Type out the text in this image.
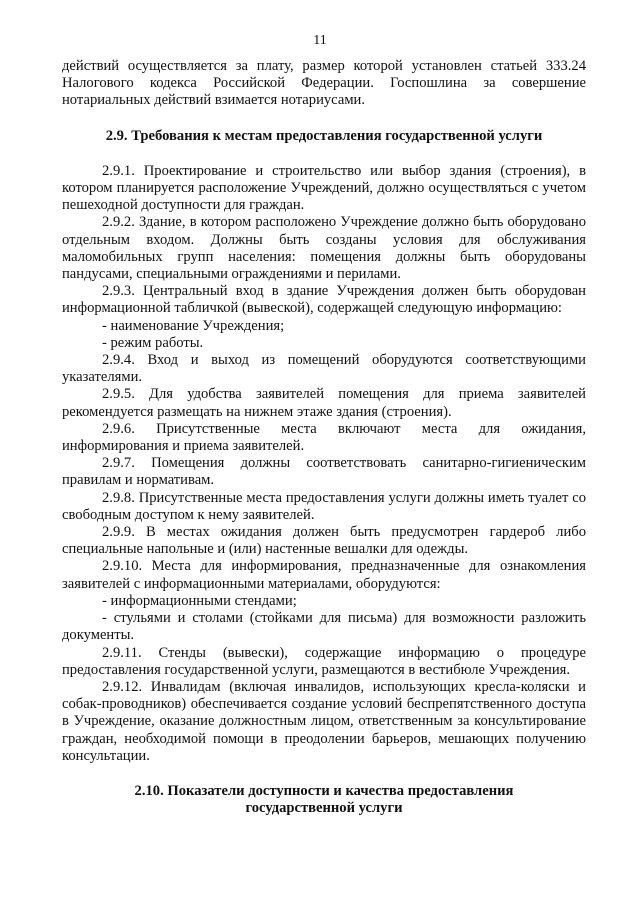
11

действий осуществляется за плату, размер которой установлен статьей 333.24 Налогового кодекса Российской Федерации. Госпошлина за совершение нотариальных действий взимается нотариусами.

2.9. Требования к местам предоставления государственной услуги

2.9.1. Проектирование и строительство или выбор здания (строения), в котором планируется расположение Учреждений, должно осуществляться с учетом пешеходной доступности для граждан.

2.9.2. Здание, в котором расположено Учреждение должно быть оборудовано отдельным входом. Должны быть созданы условия для обслуживания маломобильных групп населения: помещения должны быть оборудованы пандусами, специальными ограждениями и перилами.

2.9.3. Центральный вход в здание Учреждения должен быть оборудован информационной табличкой (вывеской), содержащей следующую информацию:

- наименование Учреждения;

- режим работы.

2.9.4. Вход и выход из помещений оборудуются соответствующими указателями.

2.9.5. Для удобства заявителей помещения для приема заявителей рекомендуется размещать на нижнем этаже здания (строения).

2.9.6. Присутственные места включают места для ожидания, информирования и приема заявителей.

2.9.7. Помещения должны соответствовать санитарно-гигиеническим правилам и нормативам.

2.9.8. Присутственные места предоставления услуги должны иметь туалет со свободным доступом к нему заявителей.

2.9.9. В местах ожидания должен быть предусмотрен гардероб либо специальные напольные и (или) настенные вешалки для одежды.

2.9.10. Места для информирования, предназначенные для ознакомления заявителей с информационными материалами, оборудуются:

- информационными стендами;

- стульями и столами (стойками для письма) для возможности разложить документы.

2.9.11. Стенды (вывески), содержащие информацию о процедуре предоставления государственной услуги, размещаются в вестибюле Учреждения.

2.9.12. Инвалидам (включая инвалидов, использующих кресла-коляски и собак-проводников) обеспечивается создание условий беспрепятственного доступа в Учреждение, оказание должностным лицом, ответственным за консультирование граждан, необходимой помощи в преодолении барьеров, мешающих получению консультации.

2.10. Показатели доступности и качества предоставления
государственной услуги
